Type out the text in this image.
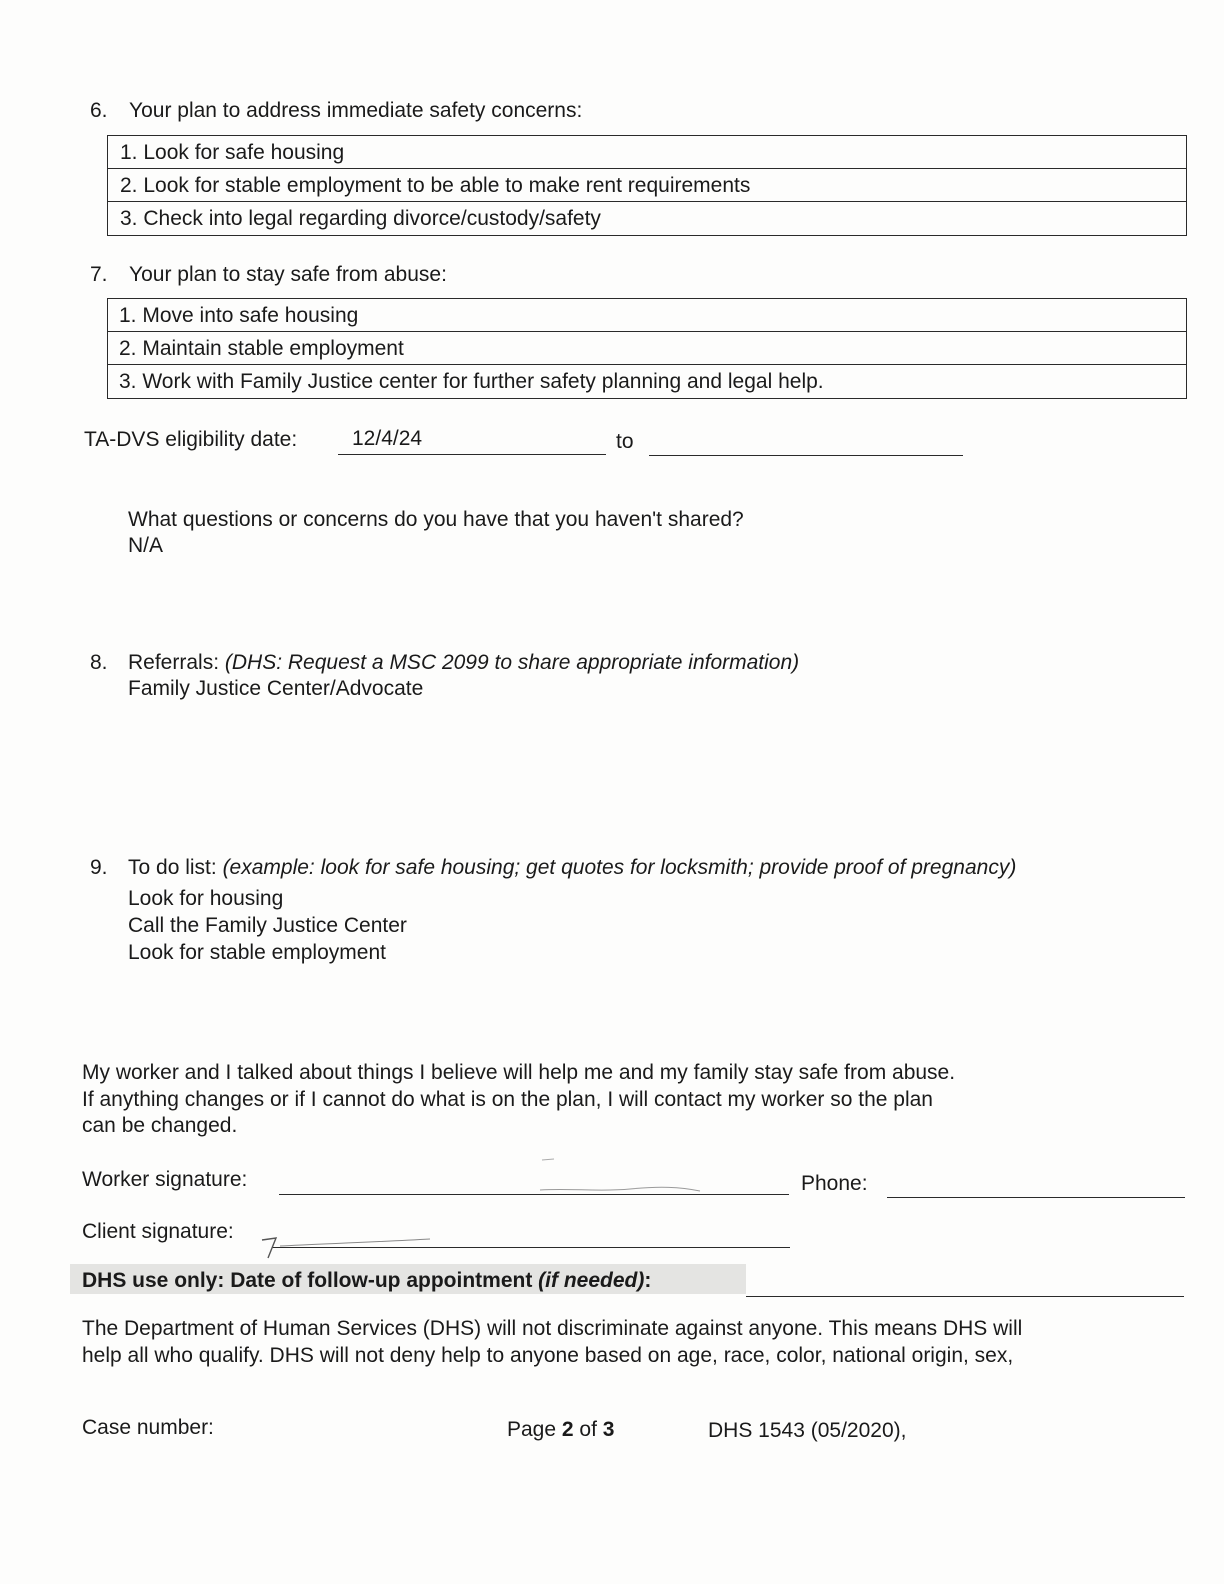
6. Your plan to address immediate safety concerns:
1. Look for safe housing
2. Look for stable employment to be able to make rent requirements
3. Check into legal regarding divorce/custody/safety
7. Your plan to stay safe from abuse:
1. Move into safe housing
2. Maintain stable employment
3. Work with Family Justice center for further safety planning and legal help.
TA-DVS eligibility date:	12/4/24	to
What questions or concerns do you have that you haven't shared?
N/A
8. Referrals: (DHS: Request a MSC 2099 to share appropriate information)
Family Justice Center/Advocate
9. To do list: (example: look for safe housing; get quotes for locksmith; provide proof of pregnancy)
Look for housing
Call the Family Justice Center
Look for stable employment
My worker and I talked about things I believe will help me and my family stay safe from abuse.
If anything changes or if I cannot do what is on the plan, I will contact my worker so the plan
can be changed.
Worker signature:	Phone:
Client signature:
DHS use only: Date of follow-up appointment (if needed):
The Department of Human Services (DHS) will not discriminate against anyone. This means DHS will
help all who qualify. DHS will not deny help to anyone based on age, race, color, national origin, sex,
Case number:	Page 2 of 3	DHS 1543 (05/2020),
